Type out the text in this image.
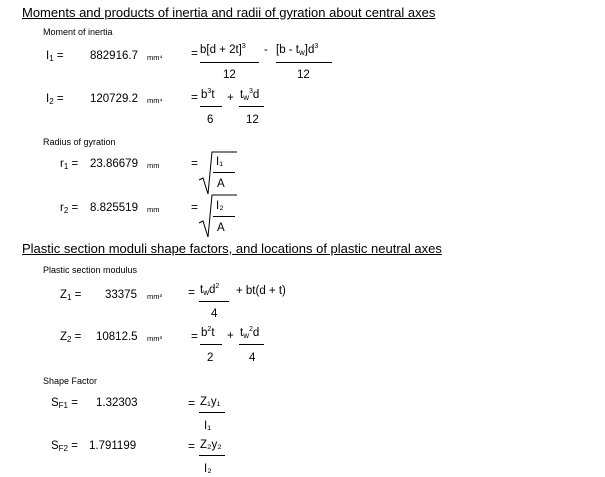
Moments and products of inertia and radii of gyration about central axes
Moment of inertia
$I_1 = 882916.7$ $mm^4 = b[d + 2t]^3 - [b - t_w]d^3$
12	12
$I_2 = 120729.2$ $mm^4 = b^3t + t_w^3d$
6	12
Radius of gyration
$r_1 = 23.86679$ mm	= I₁
A
$r_2 = 8.825519$ mm	= I₂
A
Plastic section moduli shape factors, and locations of plastic neutral axes
Plastic section modulus
$Z_1 = 33375$ $mm^3 = t_wd^2 + bt(d + t)$
4
$Z_2 = 10812.5$ $mm^3 = b^2t + t_w^2d$
2	4
Shape Factor
$S_{F1} = 1.32303$	= Z₁y₁
I₁
$S_{F2} = 1.791199$	= Z₂y₂
I₂
